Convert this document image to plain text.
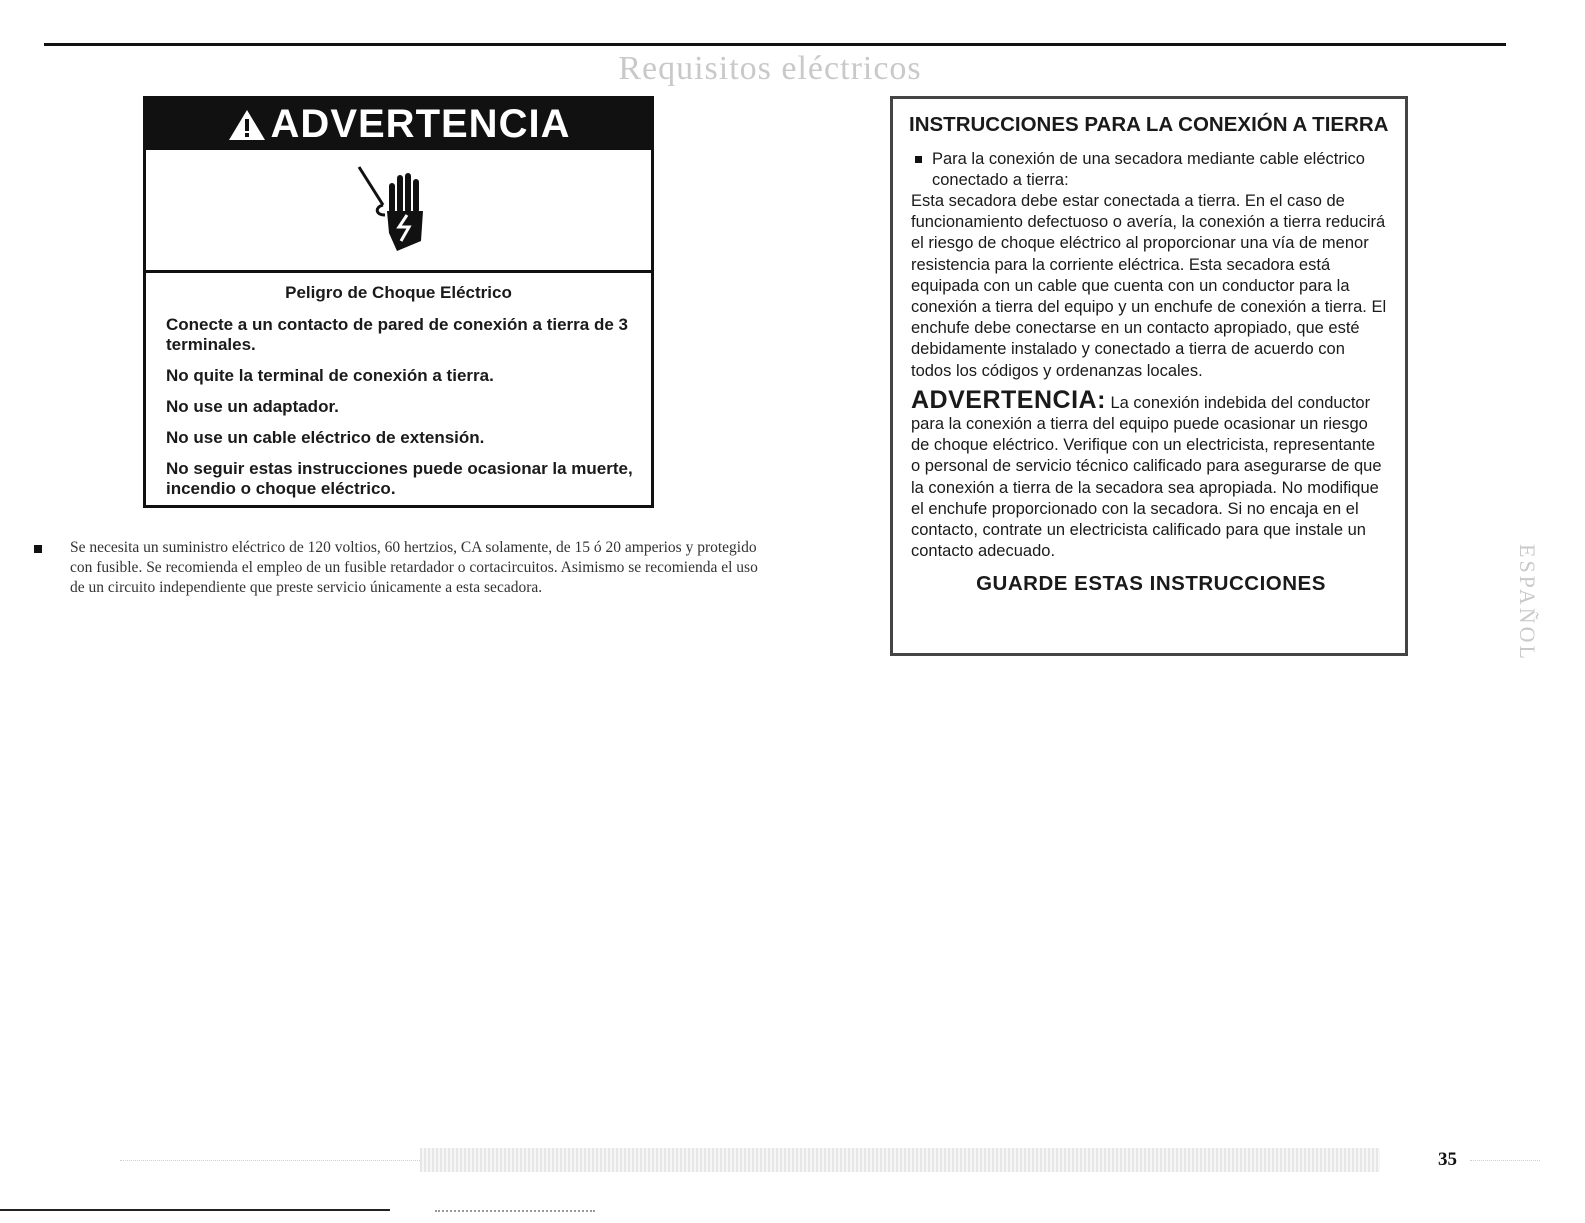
Requisitos eléctricos
ADVERTENCIA

Peligro de Choque Eléctrico

Conecte a un contacto de pared de conexión a tierra de 3 terminales.

No quite la terminal de conexión a tierra.

No use un adaptador.

No use un cable eléctrico de extensión.

No seguir estas instrucciones puede ocasionar la muerte, incendio o choque eléctrico.

Se necesita un suministro eléctrico de 120 voltios, 60 hertzios, CA solamente, de 15 ó 20 amperios y protegido con fusible. Se recomienda el empleo de un fusible retardador o cortacircuitos. Asimismo se recomienda el uso de un circuito independiente que preste servicio únicamente a esta secadora.
INSTRUCCIONES PARA LA CONEXIÓN A TIERRA
Para la conexión de una secadora mediante cable eléctrico conectado a tierra:

Esta secadora debe estar conectada a tierra. En el caso de funcionamiento defectuoso o avería, la conexión a tierra reducirá el riesgo de choque eléctrico al proporcionar una vía de menor resistencia para la corriente eléctrica. Esta secadora está equipada con un cable que cuenta con un conductor para la conexión a tierra del equipo y un enchufe de conexión a tierra. El enchufe debe conectarse en un contacto apropiado, que esté debidamente instalado y conectado a tierra de acuerdo con todos los códigos y ordenanzas locales.

ADVERTENCIA: La conexión indebida del conductor para la conexión a tierra del equipo puede ocasionar un riesgo de choque eléctrico. Verifique con un electricista, representante o personal de servicio técnico calificado para asegurarse de que la conexión a tierra de la secadora sea apropiada. No modifique el enchufe proporcionado con la secadora. Si no encaja en el contacto, contrate un electricista calificado para que instale un contacto adecuado.

GUARDE ESTAS INSTRUCCIONES	ESPAÑOL
35
